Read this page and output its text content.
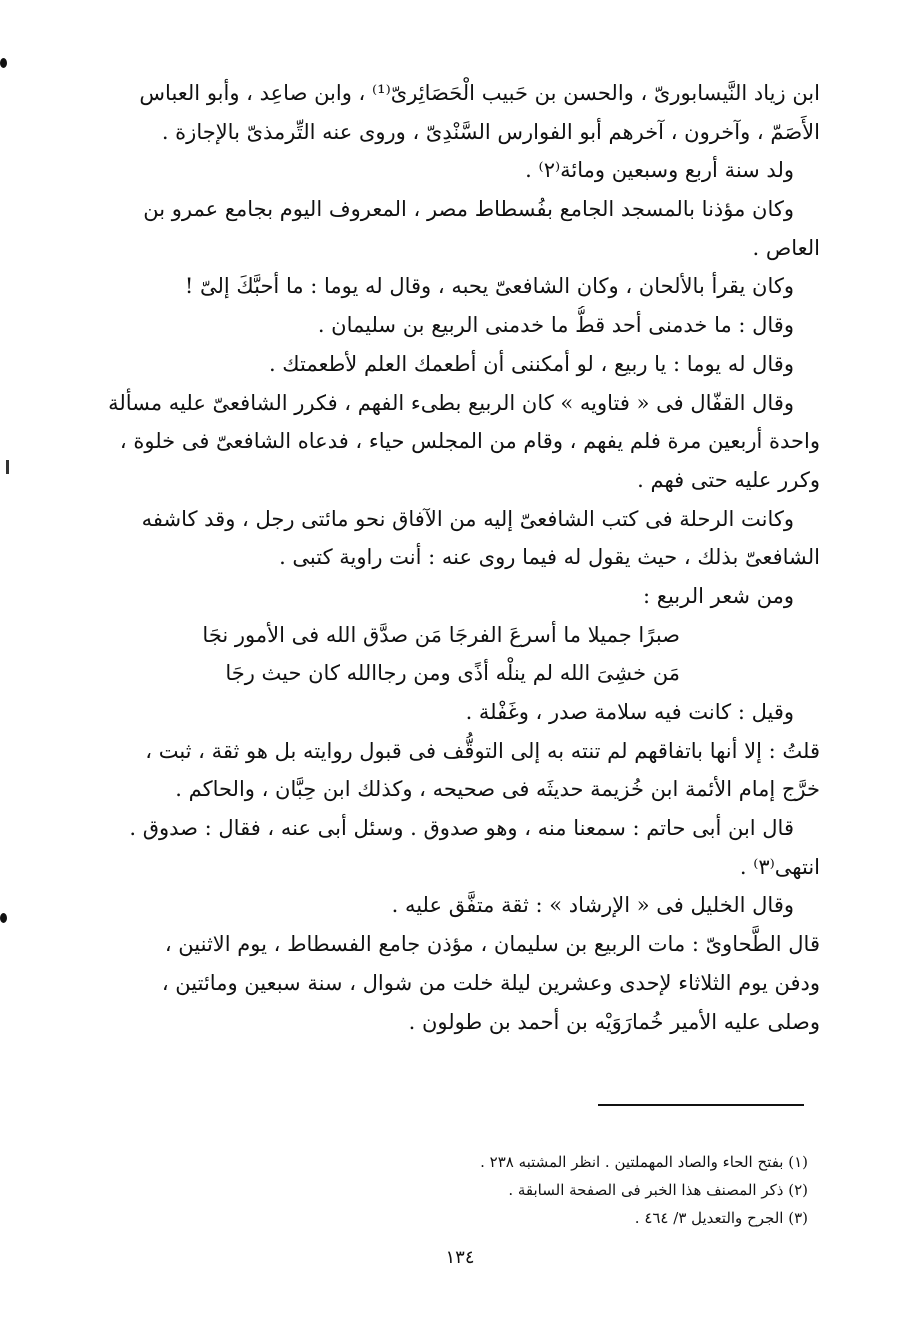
ابن زياد النَّيسابورىّ ، والحسن بن حَبيب الْحَصَائِرىّ⁽¹⁾ ، وابن صاعِد ، وأبو العباس
الأَصَمّ ، وآخرون ، آخرهم أبو الفوارس السَّنْدِىّ ، وروى عنه التِّرمذىّ بالإجازة .
ولد سنة أربع وسبعين ومائة⁽٢⁾ .
وكان مؤذنا بالمسجد الجامع بفُسطاط مصر ، المعروف اليوم بجامع عمرو بن
العاص .
وكان يقرأ بالألحان ، وكان الشافعىّ يحبه ، وقال له يوما : ما أحبَّكَ إلىّ !
وقال : ما خدمنى أحد قطُّ ما خدمنى الربيع بن سليمان .
وقال له يوما : يا ربيع ، لو أمكننى أن أطعمك العلم لأطعمتك .
وقال القفّال فى « فتاويه » كان الربيع بطىء الفهم ، فكرر الشافعىّ عليه مسألة
واحدة أربعين مرة فلم يفهم ، وقام من المجلس حياء ، فدعاه الشافعىّ فى خلوة ،
وكرر عليه حتى فهم .
وكانت الرحلة فى كتب الشافعىّ إليه من الآفاق نحو مائتى رجل ، وقد كاشفه
الشافعىّ بذلك ، حيث يقول له فيما روى عنه : أنت راوية كتبى .
ومن شعر الربيع :
صبرًا جميلا ما أسرعَ الفرجَا مَن صدَّق الله فى الأمور نجَا
مَن خشِىَ الله لم ينلْه أذًى ومن رجاالله كان حيث رجَا
وقيل : كانت فيه سلامة صدر ، وغَفْلة .
قلتُ : إلا أنها باتفاقهم لم تنته به إلى التوقُّف فى قبول روايته بل هو ثقة ، ثبت ،
خرَّج إمام الأئمة ابن خُزيمة حديثَه فى صحيحه ، وكذلك ابن حِبَّان ، والحاكم .
قال ابن أبى حاتم : سمعنا منه ، وهو صدوق . وسئل أبى عنه ، فقال : صدوق .
انتهى⁽٣⁾ .
وقال الخليل فى « الإرشاد » : ثقة متفَّق عليه .
قال الطَّحاوىّ : مات الربيع بن سليمان ، مؤذن جامع الفسطاط ، يوم الاثنين ،
ودفن يوم الثلاثاء لإحدى وعشرين ليلة خلت من شوال ، سنة سبعين ومائتين ،
وصلى عليه الأمير خُمارَوَيْه بن أحمد بن طولون .
(١) بفتح الحاء والصاد المهملتين . انظر المشتبه ٢٣٨ .
(٢) ذكر المصنف هذا الخبر فى الصفحة السابقة .
(٣) الجرح والتعديل ٣/ ٤٦٤ .
١٣٤
